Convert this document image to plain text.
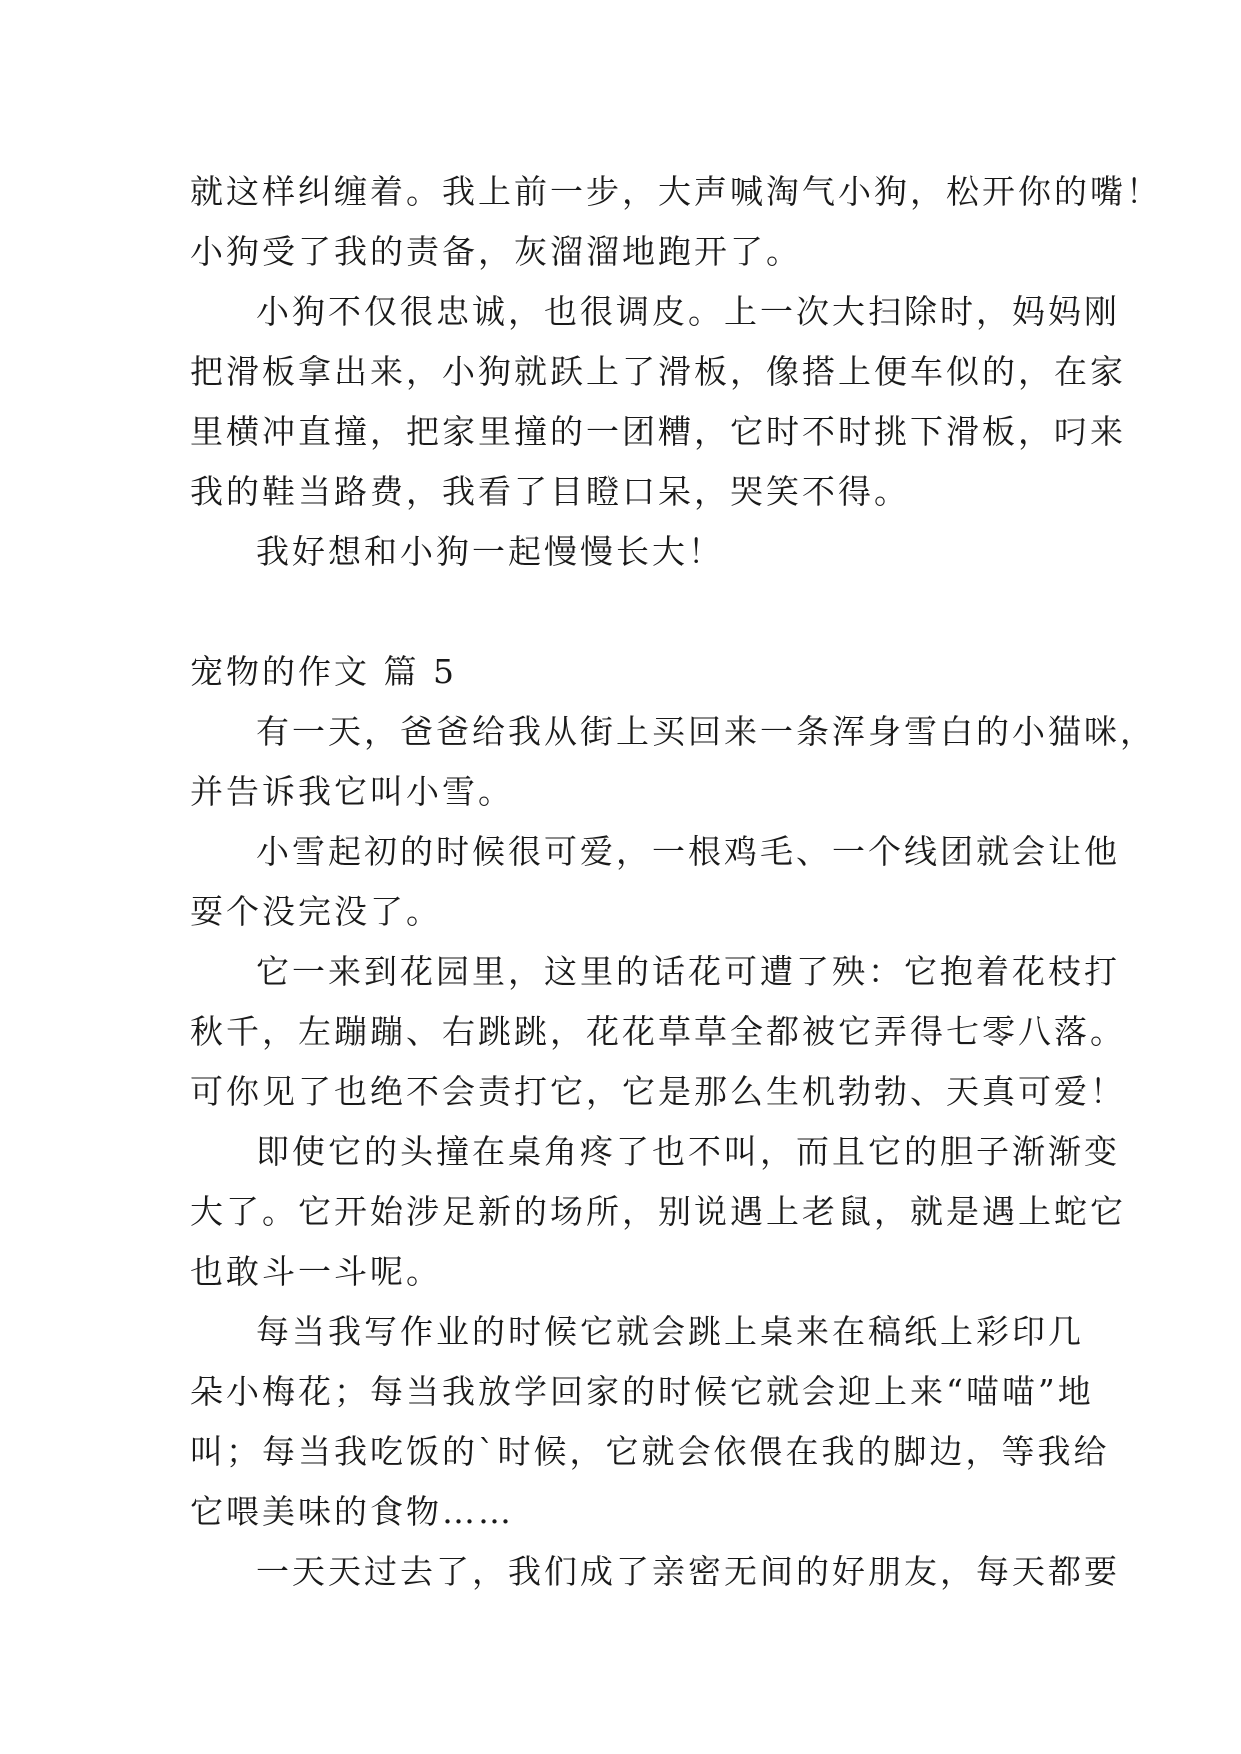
就这样纠缠着。我上前一步，大声喊淘气小狗，松开你的嘴！
小狗受了我的责备，灰溜溜地跑开了。
小狗不仅很忠诚，也很调皮。上一次大扫除时，妈妈刚
把滑板拿出来，小狗就跃上了滑板，像搭上便车似的，在家
里横冲直撞，把家里撞的一团糟，它时不时挑下滑板，叼来
我的鞋当路费，我看了目瞪口呆，哭笑不得。
我好想和小狗一起慢慢长大！
宠物的作文 篇 5
有一天，爸爸给我从街上买回来一条浑身雪白的小猫咪，
并告诉我它叫小雪。
小雪起初的时候很可爱，一根鸡毛、一个线团就会让他
耍个没完没了。
它一来到花园里，这里的话花可遭了殃：它抱着花枝打
秋千，左蹦蹦、右跳跳，花花草草全都被它弄得七零八落。
可你见了也绝不会责打它，它是那么生机勃勃、天真可爱！
即使它的头撞在桌角疼了也不叫，而且它的胆子渐渐变
大了。它开始涉足新的场所，别说遇上老鼠，就是遇上蛇它
也敢斗一斗呢。
每当我写作业的时候它就会跳上桌来在稿纸上彩印几
朵小梅花；每当我放学回家的时候它就会迎上来“喵喵”地
叫；每当我吃饭的`时候，它就会依偎在我的脚边，等我给
它喂美味的食物……
一天天过去了，我们成了亲密无间的好朋友，每天都要
